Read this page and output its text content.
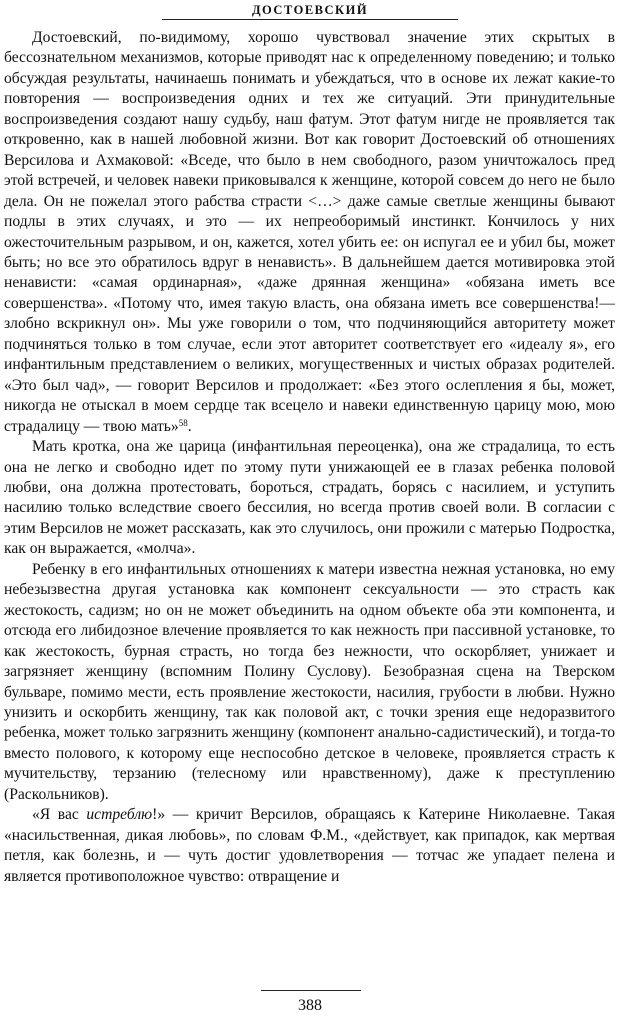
ДОСТОЕВСКИЙ

Достоевский, по-видимому, хорошо чувствовал значение этих скрытых в бессознательном механизмов, которые приводят нас к определенному поведению; и только обсуждая результаты, начинаешь понимать и убеждаться, что в основе их лежат какие-то повторения — воспроизведения одних и тех же ситуаций. Эти принудительные воспроизведения создают нашу судьбу, наш фатум. Этот фатум нигде не проявляется так откровенно, как в нашей любовной жизни. Вот как говорит Достоевский об отношениях Версилова и Ахмаковой: «Вседе, что было в нем свободного, разом уничтожалось пред этой встречей, и человек навеки приковывался к женщине, которой совсем до него не было дела. Он не пожелал этого рабства страсти <…> даже самые светлые женщины бывают подлы в этих случаях, и это — их непреоборимый инстинкт. Кончилось у них ожесточительным разрывом, и он, кажется, хотел убить ее: он испугал ее и убил бы, может быть; но все это обратилось вдруг в ненависть». В дальнейшем дается мотивировка этой ненависти: «самая ординарная», «даже дрянная женщина» «обязана иметь все совершенства». «Потому что, имея такую власть, она обязана иметь все совершенства!— злобно вскрикнул он». Мы уже говорили о том, что подчиняющийся авторитету может подчиняться только в том случае, если этот авторитет соответствует его «идеалу я», его инфантильным представлением о великих, могущественных и чистых образах родителей. «Это был чад», — говорит Версилов и продолжает: «Без этого ослепления я бы, может, никогда не отыскал в моем сердце так всецело и навеки единственную царицу мою, мою страдалицу — твою мать»$^{58}$.

Мать кротка, она же царица (инфантильная переоценка), она же страдалица, то есть она не легко и свободно идет по этому пути унижающей ее в глазах ребенка половой любви, она должна протестовать, бороться, страдать, борясь с насилием, и уступить насилию только вследствие своего бессилия, но всегда против своей воли. В согласии с этим Версилов не может рассказать, как это случилось, они прожили с матерью Подростка, как он выражается, «молча».

Ребенку в его инфантильных отношениях к матери известна нежная установка, но ему небезызвестна другая установка как компонент сексуальности — это страсть как жестокость, садизм; но он не может объединить на одном объекте оба эти компонента, и отсюда его либидозное влечение проявляется то как нежность при пассивной установке, то как жестокость, бурная страсть, но тогда без нежности, что оскорбляет, унижает и загрязняет женщину (вспомним Полину Суслову). Безобразная сцена на Тверском бульваре, помимо мести, есть проявление жестокости, насилия, грубости в любви. Нужно унизить и оскорбить женщину, так как половой акт, с точки зрения еще недоразвитого ребенка, может только загрязнить женщину (компонент анально-садистический), и тогда-то вместо полового, к которому еще неспособно детское в человеке, проявляется страсть к мучительству, терзанию (телесному или нравственному), даже к преступлению (Раскольников).

«Я вас истреблю!» — кричит Версилов, обращаясь к Катерине Николаевне. Такая «насильственная, дикая любовь», по словам Ф.М., «действует, как припадок, как мертвая петля, как болезнь, и — чуть достиг удовлетворения — тотчас же упадает пелена и является противоположное чувство: отвращение и

388
